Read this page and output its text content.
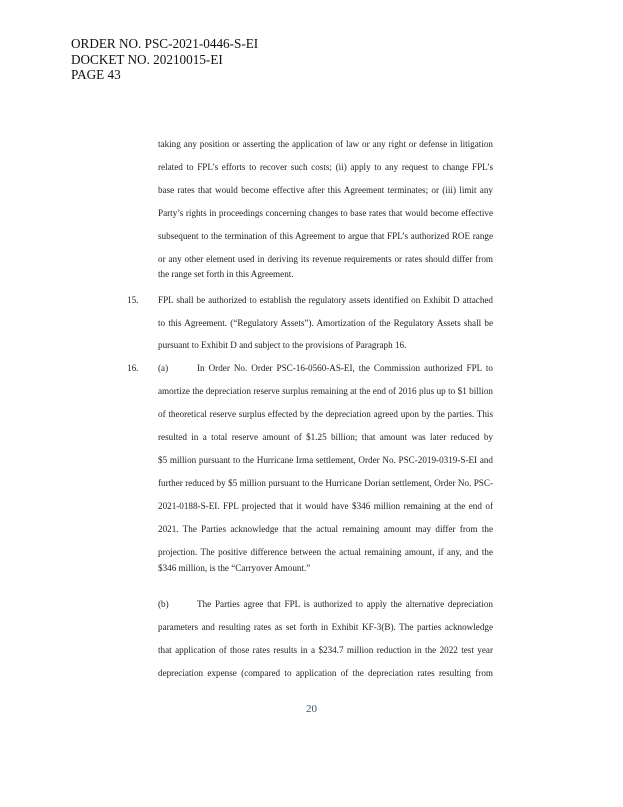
ORDER NO. PSC-2021-0446-S-EI
DOCKET NO. 20210015-EI
PAGE 43
taking any position or asserting the application of law or any right or defense in litigation
related to FPL’s efforts to recover such costs; (ii) apply to any request to change FPL’s
base rates that would become effective after this Agreement terminates; or (iii) limit any
Party’s rights in proceedings concerning changes to base rates that would become effective
subsequent to the termination of this Agreement to argue that FPL’s authorized ROE range
or any other element used in deriving its revenue requirements or rates should differ from
the range set forth in this Agreement.
15. FPL shall be authorized to establish the regulatory assets identified on Exhibit D attached
to this Agreement. (“Regulatory Assets”). Amortization of the Regulatory Assets shall be
pursuant to Exhibit D and subject to the provisions of Paragraph 16.
16. (a)	In Order No. Order PSC-16-0560-AS-EI, the Commission authorized FPL to
amortize the depreciation reserve surplus remaining at the end of 2016 plus up to $1 billion
of theoretical reserve surplus effected by the depreciation agreed upon by the parties. This
resulted in a total reserve amount of $1.25 billion; that amount was later reduced by
$5 million pursuant to the Hurricane Irma settlement, Order No. PSC-2019-0319-S-EI and
further reduced by $5 million pursuant to the Hurricane Dorian settlement, Order No. PSC-
2021-0188-S-EI. FPL projected that it would have $346 million remaining at the end of
2021. The Parties acknowledge that the actual remaining amount may differ from the
projection. The positive difference between the actual remaining amount, if any, and the
$346 million, is the “Carryover Amount.”
(b)	The Parties agree that FPL is authorized to apply the alternative depreciation
parameters and resulting rates as set forth in Exhibit KF-3(B). The parties acknowledge
that application of those rates results in a $234.7 million reduction in the 2022 test year
depreciation expense (compared to application of the depreciation rates resulting from
20
